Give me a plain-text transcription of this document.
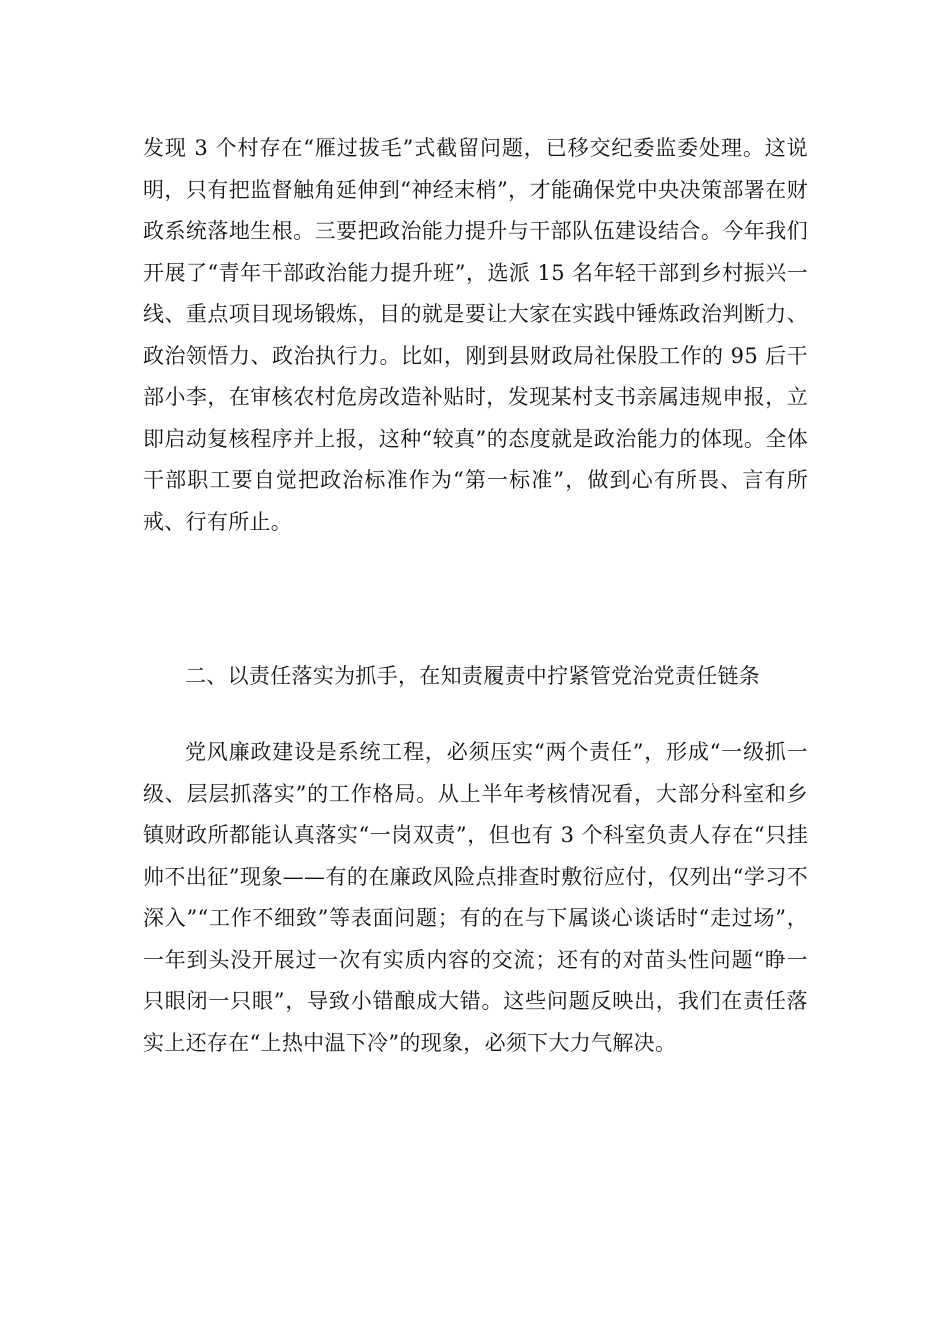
发现 3 个村存在“雁过拔毛”式截留问题，已移交纪委监委处理。这说明，只有把监督触角延伸到“神经末梢”，才能确保党中央决策部署在财政系统落地生根。三要把政治能力提升与干部队伍建设结合。今年我们开展了“青年干部政治能力提升班”，选派 15 名年轻干部到乡村振兴一线、重点项目现场锻炼，目的就是要让大家在实践中锤炼政治判断力、政治领悟力、政治执行力。比如，刚到县财政局社保股工作的 95 后干部小李，在审核农村危房改造补贴时，发现某村支书亲属违规申报，立即启动复核程序并上报，这种“较真”的态度就是政治能力的体现。全体干部职工要自觉把政治标准作为“第一标准”，做到心有所畏、言有所戒、行有所止。

二、以责任落实为抓手，在知责履责中拧紧管党治党责任链条

党风廉政建设是系统工程，必须压实“两个责任”，形成“一级抓一级、层层抓落实”的工作格局。从上半年考核情况看，大部分科室和乡镇财政所都能认真落实“一岗双责”，但也有 3 个科室负责人存在“只挂帅不出征”现象——有的在廉政风险点排查时敷衍应付，仅列出“学习不深入”“工作不细致”等表面问题；有的在与下属谈心谈话时“走过场”，一年到头没开展过一次有实质内容的交流；还有的对苗头性问题“睁一只眼闭一只眼”，导致小错酿成大错。这些问题反映出，我们在责任落实上还存在“上热中温下冷”的现象，必须下大力气解决。
